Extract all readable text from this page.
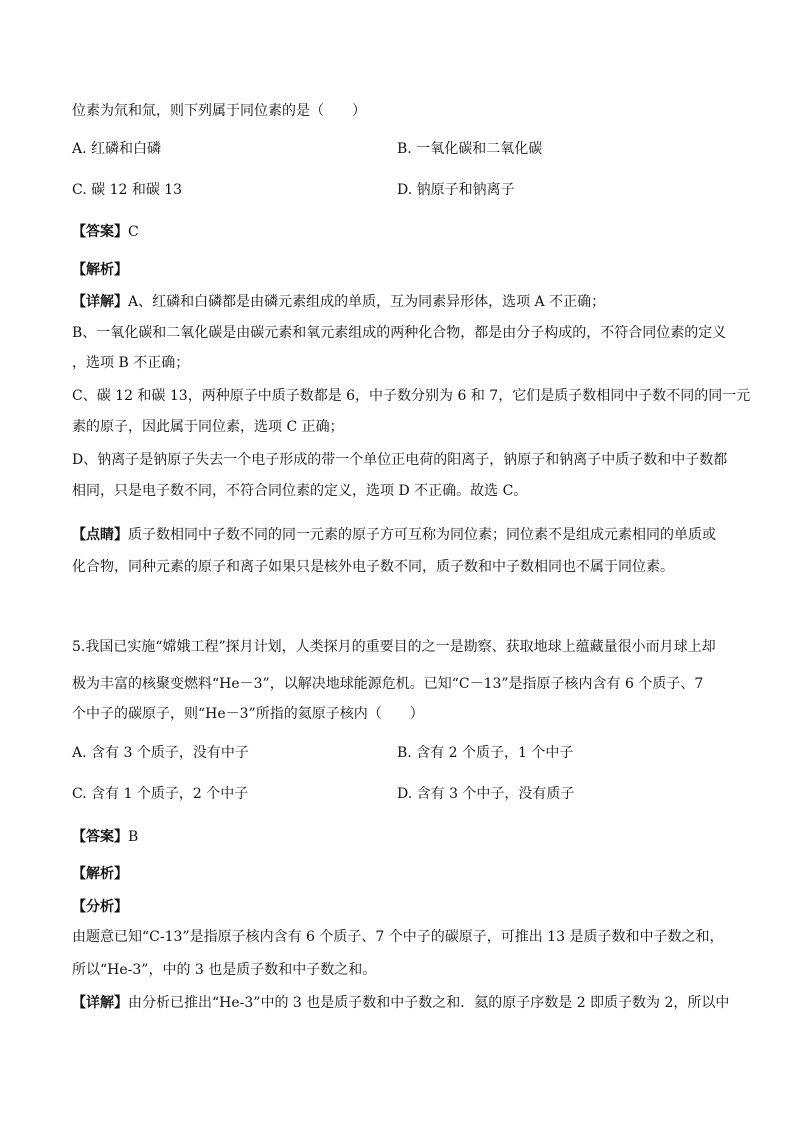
位素为氘和氚，则下列属于同位素的是（　　）
A. 红磷和白磷	B. 一氧化碳和二氧化碳
C. 碳 12 和碳 13	D. 钠原子和钠离子
【答案】C
【解析】
【详解】A、红磷和白磷都是由磷元素组成的单质，互为同素异形体，选项 A 不正确；
B、一氧化碳和二氧化碳是由碳元素和氧元素组成的两种化合物，都是由分子构成的，不符合同位素的定义
，选项 B 不正确；
C、碳 12 和碳 13，两种原子中质子数都是 6，中子数分别为 6 和 7，它们是质子数相同中子数不同的同一元
素的原子，因此属于同位素，选项 C 正确；
D、钠离子是钠原子失去一个电子形成的带一个单位正电荷的阳离子，钠原子和钠离子中质子数和中子数都
相同，只是电子数不同，不符合同位素的定义，选项 D 不正确。故选 C。
【点睛】质子数相同中子数不同的同一元素的原子方可互称为同位素；同位素不是组成元素相同的单质或
化合物，同种元素的原子和离子如果只是核外电子数不同，质子数和中子数相同也不属于同位素。
5.我国已实施“嫦娥工程”探月计划，人类探月的重要目的之一是勘察、获取地球上蕴藏量很小而月球上却
极为丰富的核聚变燃料“He－3”，以解决地球能源危机。已知“C－13”是指原子核内含有 6 个质子、7
个中子的碳原子，则“He－3”所指的氦原子核内（　　）
A. 含有 3 个质子，没有中子	B. 含有 2 个质子，1 个中子
C. 含有 1 个质子，2 个中子	D. 含有 3 个中子，没有质子
【答案】B
【解析】
【分析】
由题意已知“C-13”是指原子核内含有 6 个质子、7 个中子的碳原子，可推出 13 是质子数和中子数之和，
所以“He-3”，中的 3 也是质子数和中子数之和。
【详解】由分析已推出“He-3”中的 3 也是质子数和中子数之和．氦的原子序数是 2 即质子数为 2，所以中
